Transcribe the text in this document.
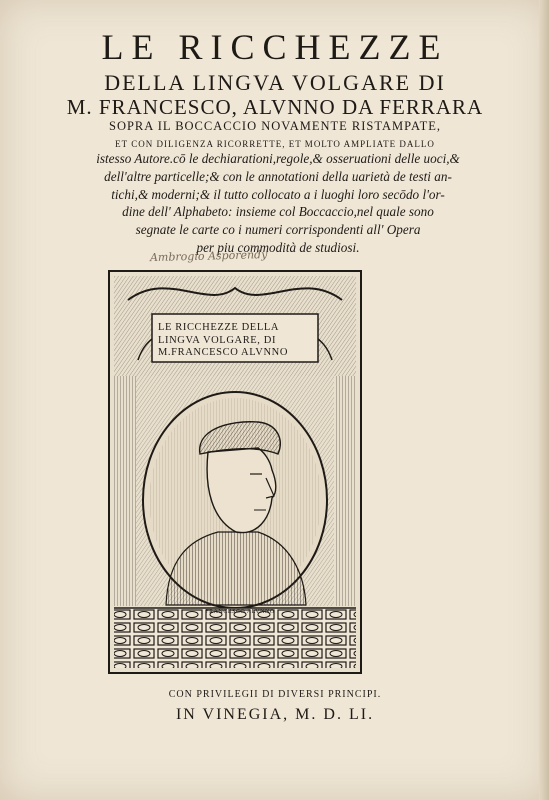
LE RICCHEZZE
DELLA LINGVA VOLGARE DI
M. FRANCESCO, ALVNNO DA FERRARA
SOPRA IL BOCCACCIO NOVAMENTE RISTAMPATE,
ET CON DILIGENZA RICORRETTE, ET MOLTO AMPLIATE DALLO
istesso Autore.cō le dechiarationi,regole,& osseruationi delle uoci,&
dell'altre particelle;& con le annotationi della uarietà de testi an-
tichi,& moderni;& il tutto collocato a i luoghi loro secōdo l'or-
dine dell' Alphabeto: insieme col Boccaccio,nel quale sono
segnate le carte co i numeri corrispondenti all' Opera
per piu commodità de studiosi.
Ambrogio Asporendy
LE RICCHEZZE DELLA
LINGVA VOLGARE, DI
M.FRANCESCO ALVNNO
FRANCESCO ALVNNO
CON PRIVILEGII DI DIVERSI PRINCIPI.
IN VINEGIA, M. D. LI.
